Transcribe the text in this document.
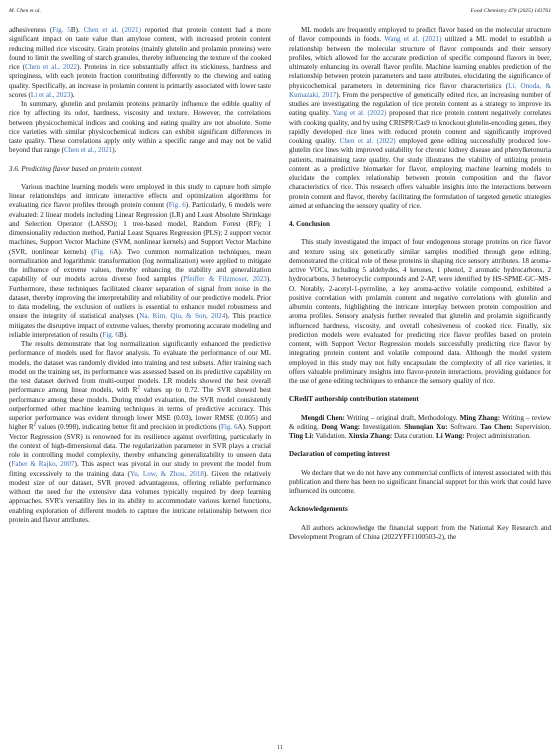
M. Chen et al.	Food Chemistry 478 (2025) 143761

adhesiveness (Fig. 5B). Chen et al. (2021) reported that protein content had a more significant impact on taste value than amylose content, with increased protein content reducing milled rice viscosity. Grain proteins (mainly glutelin and prolamin proteins) were found to limit the swelling of starch granules, thereby influencing the texture of the cooked rice (Chen et al., 2022). Proteins in rice substantially affect its stickiness, hardness and springiness, with each protein fraction contributing differently to the chewing and eating quality. Specifically, an increase in prolamin content is primarily associated with lower taste scores (Li et al., 2023).

In summary, glutelin and prolamin proteins primarily influence the edible quality of rice by affecting its odor, hardness, viscosity and texture. However, the correlations between physicochemical indices and cooking and eating quality are not absolute. Some rice varieties with similar physicochemical indices can exhibit significant differences in taste quality. These correlations apply only within a specific range and may not be valid beyond that range (Chen et al., 2021).

3.6. Predicting flavor based on protein content

Various machine learning models were employed in this study to capture both simple linear relationships and intricate interactive effects and optimization algorithms for evaluating rice flavor profiles through protein content (Fig. 6). Particularly, 6 models were evaluated: 2 linear models including Linear Regression (LR) and Least Absolute Shrinkage and Selection Operator (LASSO); 1 tree-based model, Random Forest (RF); 1 dimensionality reduction method, Partial Least Squares Regression (PLS); 2 support vector machines, Support Vector Machine (SVM, nonlinear kernels) and Support Vector Machine (SVR, nonlinear kernels) (Fig. 6A). Two common normalization techniques, mean normalization and logarithmic transformation (log normalization) were applied to mitigate the influence of extreme values, thereby enhancing the stability and generalization capability of our models across diverse food samples (Pfeiffer & Filzmoser, 2023). Furthermore, these techniques facilitated clearer separation of signal from noise in the dataset, thereby improving the interpretability and reliability of our predictive models. Prior to data modeling, the exclusion of outliers is essential to enhance model robustness and ensure the integrity of statistical analyses (Na, Kim, Qiu, & Son, 2024). This practice mitigates the disruptive impact of extreme values, thereby promoting accurate modeling and reliable interpretation of results (Fig. 6B).

The results demonstrate that log normalization significantly enhanced the predictive performance of models used for flavor analysis. To evaluate the performance of our ML models, the dataset was randomly divided into training and test subsets. After training each model on the training set, its performance was assessed based on its predictive capability on the test dataset derived from multi-output models. LR models showed the best overall performance among linear models, with $R^2$ values up to 0.72. The SVR showed best performance among these models. During model evaluation, the SVR model consistently outperformed other machine learning techniques in terms of predictive accuracy. This superior performance was evident through lower MSE (0.03), lower RMSE (0.005) and higher $R^2$ values (0.998), indicating better fit and precision in predictions (Fig. 6A). Support Vector Regression (SVR) is renowned for its resilience against overfitting, particularly in the context of high-dimensional data. The regularization parameter in SVR plays a crucial role in controlling model complexity, thereby enhancing generalizability to unseen data (Faber & Rajko, 2007). This aspect was pivotal in our study to prevent the model from fitting excessively to the training data (Yu, Low, & Zhou, 2018). Given the relatively modest size of our dataset, SVR proved advantageous, offering reliable performance without the need for the extensive data volumes typically required by deep learning approaches. SVR's versatility lies in its ability to accommodate various kernel functions, enabling exploration of different models to capture the intricate relationship between rice protein and flavor attributes.

ML models are frequently employed to predict flavor based on the molecular structure of flavor compounds in foods. Wang et al. (2021) utilized a ML model to establish a relationship between the molecular structure of flavor compounds and their sensory profiles, which allowed for the accurate prediction of specific compound flavors in beer, ultimately enhancing its overall flavor profile. Machine learning enables prediction of the relationship between protein parameters and taste attributes, elucidating the significance of physicochemical parameters in determining rice flavor characteristics (Li, Onoda, & Kumazaki, 2017). From the perspective of genetically edited rice, an increasing number of studies are investigating the regulation of rice protein content as a strategy to improve its eating quality. Yang et al. (2022) proposed that rice protein content negatively correlates with cooking quality, and by using CRISPR/Cas9 to knockout glutelin-encoding genes, they rapidly developed rice lines with reduced protein content and significantly improved cooking quality. Chen et al. (2022) employed gene editing successfully produced low-glutelin rice lines with improved suitability for chronic kidney disease and phenylketonuria patients, maintaining taste quality. Our study illustrates the viability of utilizing protein content as a predictive biomarker for flavor, employing machine learning models to elucidate the complex relationship between protein composition and the flavor characteristics of rice. This research offers valuable insights into the interactions between protein content and flavor, thereby facilitating the formulation of targeted genetic strategies aimed at enhancing the sensory quality of rice.

4. Conclusion

This study investigated the impact of four endogenous storage proteins on rice flavor and texture using six genetically similar samples modified through gene editing, demonstrated the critical role of these proteins in shaping rice sensory attributes. 18 aroma-active VOCs, including 5 aldehydes, 4 ketones, 1 phenol, 2 aromatic hydrocarbons, 2 hydrocarbons, 3 heterocyclic compounds and 2-AP, were identified by HS-SPME-GC–MS-O. Notably, 2-acetyl-1-pyrroline, a key aroma-active volatile compound, exhibited a positive correlation with prolamin content and negative correlations with glutelin and albumin contents, highlighting the intricate interplay between protein composition and aroma profiles. Sensory analysis further revealed that glutelin and prolamin significantly influenced hardness, viscosity, and overall cohesiveness of cooked rice. Finally, six prediction models were evaluated for predicting rice flavor profiles based on protein content, with Support Vector Regression models successfully predicting rice flavor by integrating protein content and volatile compound data. Although the model system employed in this study may not fully encapsulate the complexity of all rice varieties, it offers valuable preliminary insights into flavor-protein interactions, providing guidance for the use of gene editing techniques to enhance the sensory quality of rice.

CRediT authorship contribution statement

Mengdi Chen: Writing – original draft, Methodology. Ming Zhang: Writing – review & editing. Dong Wang: Investigation. Shunqian Xu: Software. Tao Chen: Supervision. Ting Li: Validation. Xinxia Zhang: Data curation. Li Wang: Project administration.

Declaration of competing interest

We declare that we do not have any commercial conflicts of interest associated with this publication and there has been no significant financial support for this work that could have influenced its outcome.

Acknowledgements

All authors acknowledge the financial support from the National Key Research and Development Program of China (2022YFF1100503-2), the

11
